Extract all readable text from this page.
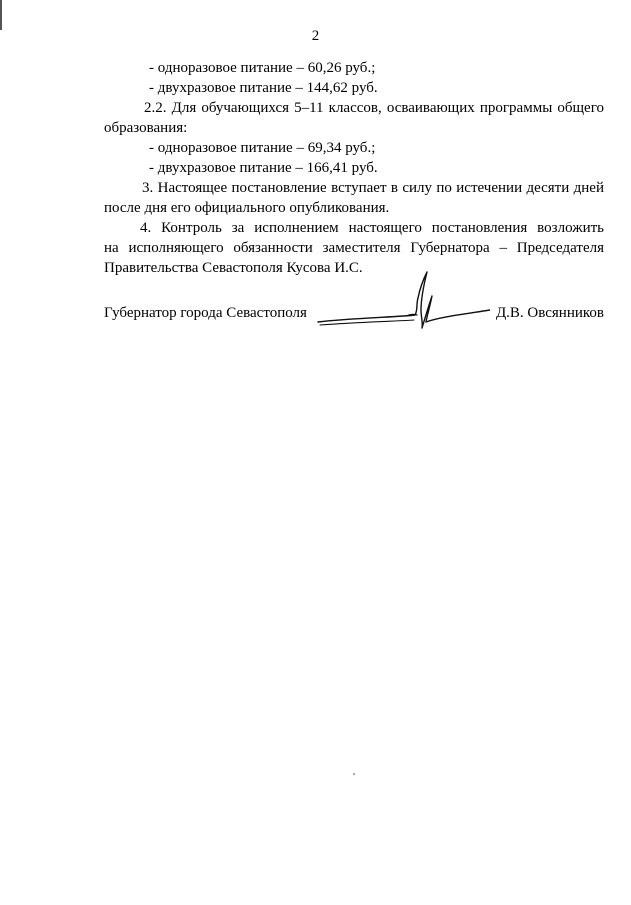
2
- одноразовое питание – 60,26 руб.;
- двухразовое питание – 144,62 руб.
2.2. Для обучающихся 5–11 классов, осваивающих программы общего
образования:
- одноразовое питание – 69,34 руб.;
- двухразовое питание – 166,41 руб.
3. Настоящее постановление вступает в силу по истечении десяти дней
после дня его официального опубликования.
4. Контроль за исполнением настоящего постановления возложить
на исполняющего обязанности заместителя Губернатора – Председателя
Правительства Севастополя Кусова И.С.
Губернатор города Севастополя	Д.В. Овсянников
